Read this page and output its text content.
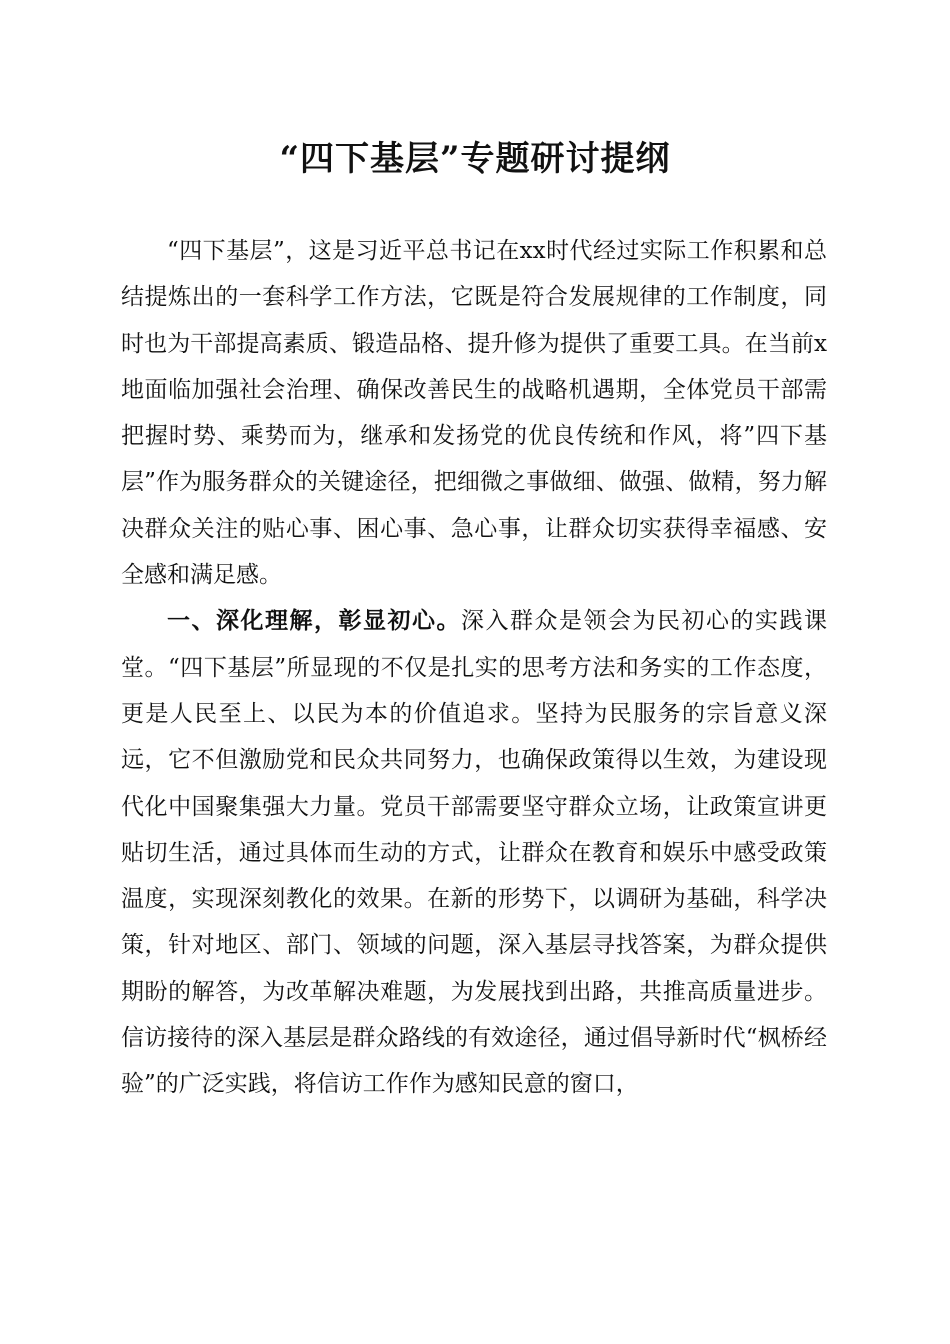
“四下基层”专题研讨提纲

“四下基层”，这是习近平总书记在xx时代经过实际工作积累和总结提炼出的一套科学工作方法，它既是符合发展规律的工作制度，同时也为干部提高素质、锻造品格、提升修为提供了重要工具。在当前x地面临加强社会治理、确保改善民生的战略机遇期，全体党员干部需把握时势、乘势而为，继承和发扬党的优良传统和作风，将”四下基层”作为服务群众的关键途径，把细微之事做细、做强、做精，努力解决群众关注的贴心事、困心事、急心事，让群众切实获得幸福感、安全感和满足感。

一、深化理解，彰显初心。深入群众是领会为民初心的实践课堂。“四下基层”所显现的不仅是扎实的思考方法和务实的工作态度，更是人民至上、以民为本的价值追求。坚持为民服务的宗旨意义深远，它不但激励党和民众共同努力，也确保政策得以生效，为建设现代化中国聚集强大力量。党员干部需要坚守群众立场，让政策宣讲更贴切生活，通过具体而生动的方式，让群众在教育和娱乐中感受政策温度，实现深刻教化的效果。在新的形势下，以调研为基础，科学决策，针对地区、部门、领域的问题，深入基层寻找答案，为群众提供期盼的解答，为改革解决难题，为发展找到出路，共推高质量进步。信访接待的深入基层是群众路线的有效途径，通过倡导新时代“枫桥经验”的广泛实践，将信访工作作为感知民意的窗口，
